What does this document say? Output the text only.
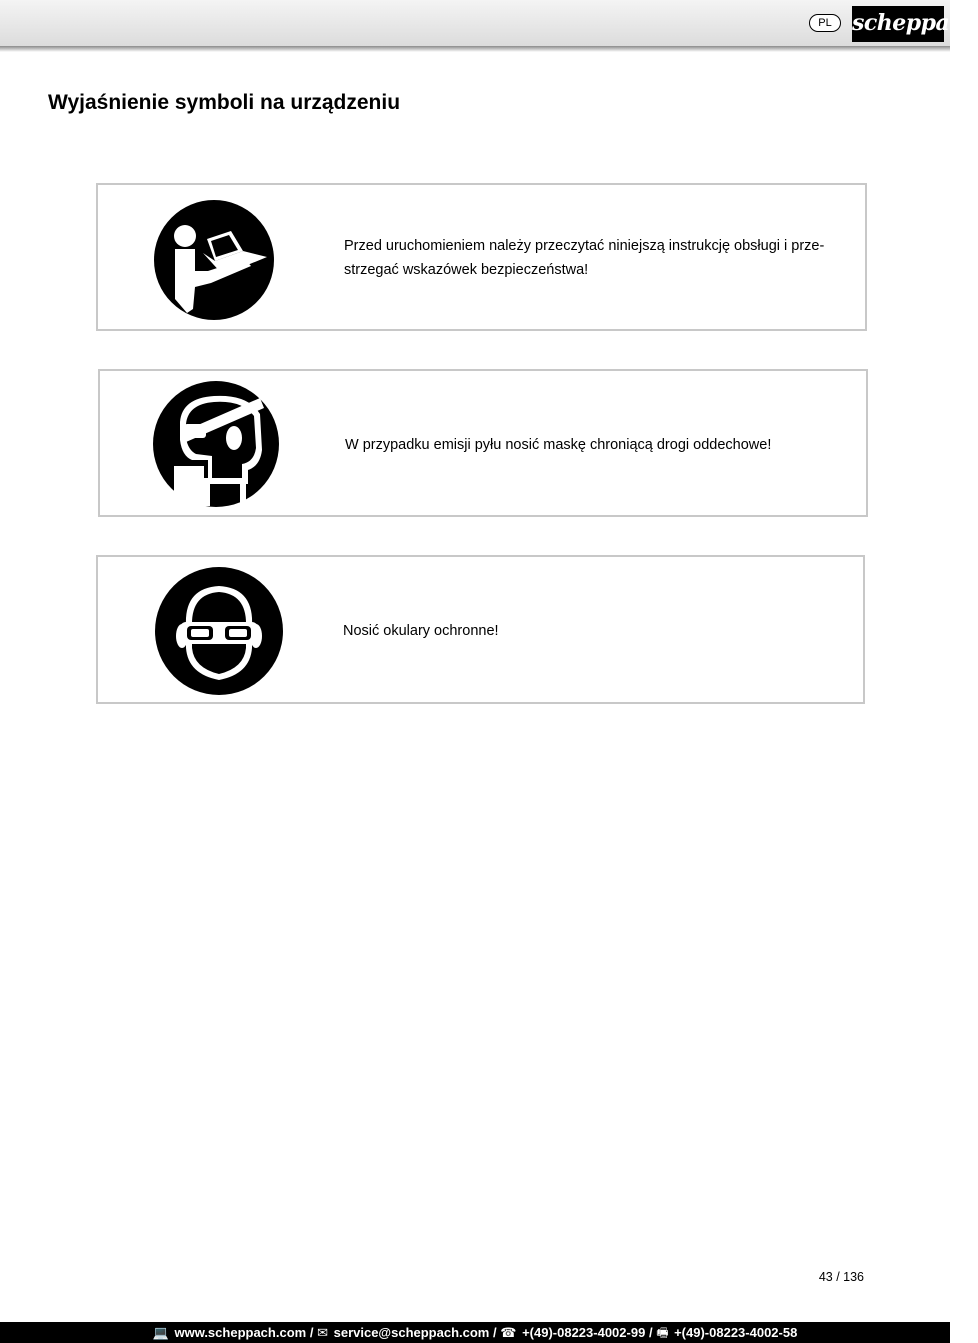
PL scheppach
Wyjaśnienie symboli na urządzeniu
Przed uruchomieniem należy przeczytać niniejszą instrukcję obsługi i prze-
strzegać wskazówek bezpieczeństwa!
W przypadku emisji pyłu nosić maskę chroniącą drogi oddechowe!
Nosić okulary ochronne!
43 / 136
💻 www.scheppach.com / ✉ service@scheppach.com / ☎ +(49)-08223-4002-99 / 🖷 +(49)-08223-4002-58
